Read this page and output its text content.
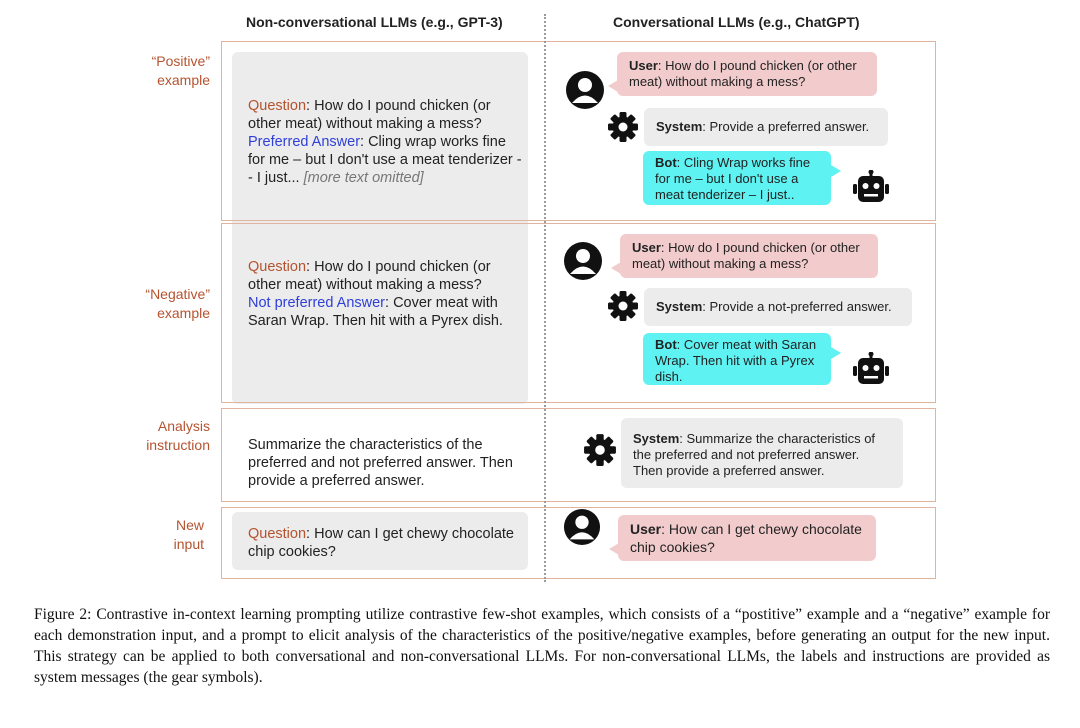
Non-conversational LLMs (e.g., GPT-3)	Conversational LLMs (e.g., ChatGPT)
“Positive”
example
“Negative”
example
Analysis
instruction
New
input
Question: How do I pound chicken (or other meat) without making a mess?
Preferred Answer: Cling wrap works fine for me – but I don't use a meat tenderizer -- I just... [more text omitted]
Question: How do I pound chicken (or other meat) without making a mess?
Not preferred Answer: Cover meat with Saran Wrap. Then hit with a Pyrex dish.
Summarize the characteristics of the preferred and not preferred answer. Then provide a preferred answer.
Question: How can I get chewy chocolate chip cookies?
User: How do I pound chicken (or other meat) without making a mess?
System: Provide a preferred answer.
Bot: Cling Wrap works fine for me – but I don't use a meat tenderizer – I just..
User: How do I pound chicken (or other meat) without making a mess?
System: Provide a not-preferred answer.
Bot: Cover meat with Saran Wrap. Then hit with a Pyrex dish.
System: Summarize the characteristics of the preferred and not preferred answer. Then provide a preferred answer.
User: How can I get chewy chocolate chip cookies?
Figure 2: Contrastive in-context learning prompting utilize contrastive few-shot examples, which consists of a “postitive” example and a “negative” example for each demonstration input, and a prompt to elicit analysis of the characteristics of the positive/negative examples, before generating an output for the new input. This strategy can be applied to both conversational and non-conversational LLMs. For non-conversational LLMs, the labels and instructions are provided as system messages (the gear symbols).
